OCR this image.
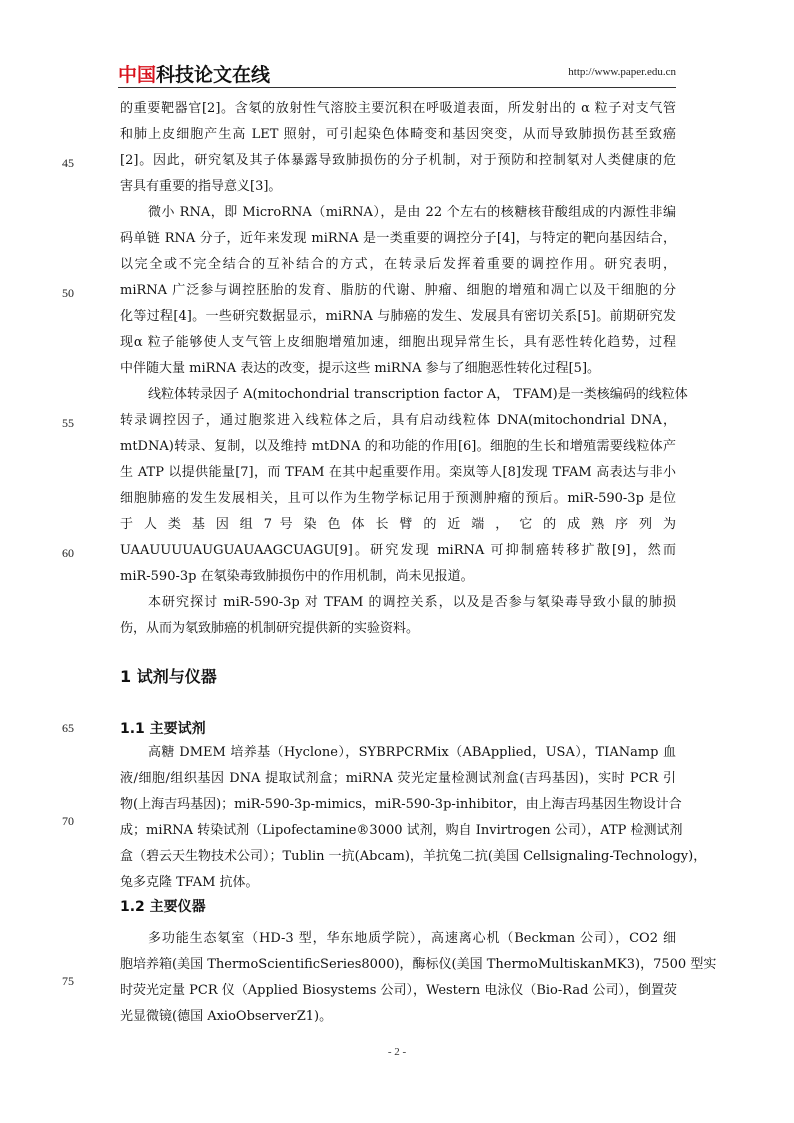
中国科技论文在线	http://www.paper.edu.cn
45
50
55
60
65
70
75
的重要靶器官[2]。含氡的放射性气溶胶主要沉积在呼吸道表面，所发射出的 α 粒子对支气管
和肺上皮细胞产生高 LET 照射，可引起染色体畸变和基因突变，从而导致肺损伤甚至致癌
[2]。因此，研究氡及其子体暴露导致肺损伤的分子机制，对于预防和控制氡对人类健康的危
害具有重要的指导意义[3]。
微小 RNA，即 MicroRNA（miRNA），是由 22 个左右的核糖核苷酸组成的内源性非编
码单链 RNA 分子，近年来发现 miRNA 是一类重要的调控分子[4]，与特定的靶向基因结合，
以完全或不完全结合的互补结合的方式，在转录后发挥着重要的调控作用。研究表明，
miRNA 广泛参与调控胚胎的发育、脂肪的代谢、肿瘤、细胞的增殖和凋亡以及干细胞的分
化等过程[4]。一些研究数据显示，miRNA 与肺癌的发生、发展具有密切关系[5]。前期研究发
现α 粒子能够使人支气管上皮细胞增殖加速，细胞出现异常生长，具有恶性转化趋势，过程
中伴随大量 miRNA 表达的改变，提示这些 miRNA 参与了细胞恶性转化过程[5]。
线粒体转录因子 A(mitochondrial transcription factor A， TFAM)是一类核编码的线粒体
转录调控因子，通过胞浆进入线粒体之后，具有启动线粒体 DNA(mitochondrial DNA，
mtDNA)转录、复制，以及维持 mtDNA 的和功能的作用[6]。细胞的生长和增殖需要线粒体产
生 ATP 以提供能量[7]，而 TFAM 在其中起重要作用。栾岚等人[8]发现 TFAM 高表达与非小
细胞肺癌的发生发展相关，且可以作为生物学标记用于预测肿瘤的预后。miR-590-3p 是位
于 人 类 基 因 组 7 号 染 色 体 长 臂 的 近 端 ， 它 的 成 熟 序 列 为
UAAUUUUAUGUAUAAGCUAGU[9]。研究发现 miRNA 可抑制癌转移扩散[9]，然而
miR-590-3p 在氡染毒致肺损伤中的作用机制，尚未见报道。
本研究探讨 miR-590-3p 对 TFAM 的调控关系，以及是否参与氡染毒导致小鼠的肺损
伤，从而为氡致肺癌的机制研究提供新的实验资料。
1 试剂与仪器
1.1 主要试剂
高糖 DMEM 培养基（Hyclone），SYBRPCRMix（ABApplied，USA），TIANamp 血
液/细胞/组织基因 DNA 提取试剂盒；miRNA 荧光定量检测试剂盒(吉玛基因)，实时 PCR 引
物(上海吉玛基因)；miR-590-3p-mimics，miR-590-3p-inhibitor，由上海吉玛基因生物设计合
成；miRNA 转染试剂（Lipofectamine®3000 试剂，购自 Invirtrogen 公司），ATP 检测试剂
盒（碧云天生物技术公司）；Tublin 一抗(Abcam)，羊抗兔二抗(美国 Cellsignaling-Technology)，
兔多克隆 TFAM 抗体。
1.2 主要仪器
多功能生态氡室（HD-3 型，华东地质学院），高速离心机（Beckman 公司），CO2 细
胞培养箱(美国 ThermoScientificSeries8000)，酶标仪(美国 ThermoMultiskanMK3)，7500 型实
时荧光定量 PCR 仪（Applied Biosystems 公司），Western 电泳仪（Bio-Rad 公司），倒置荧
光显微镜(德国 AxioObserverZ1)。
- 2 -
